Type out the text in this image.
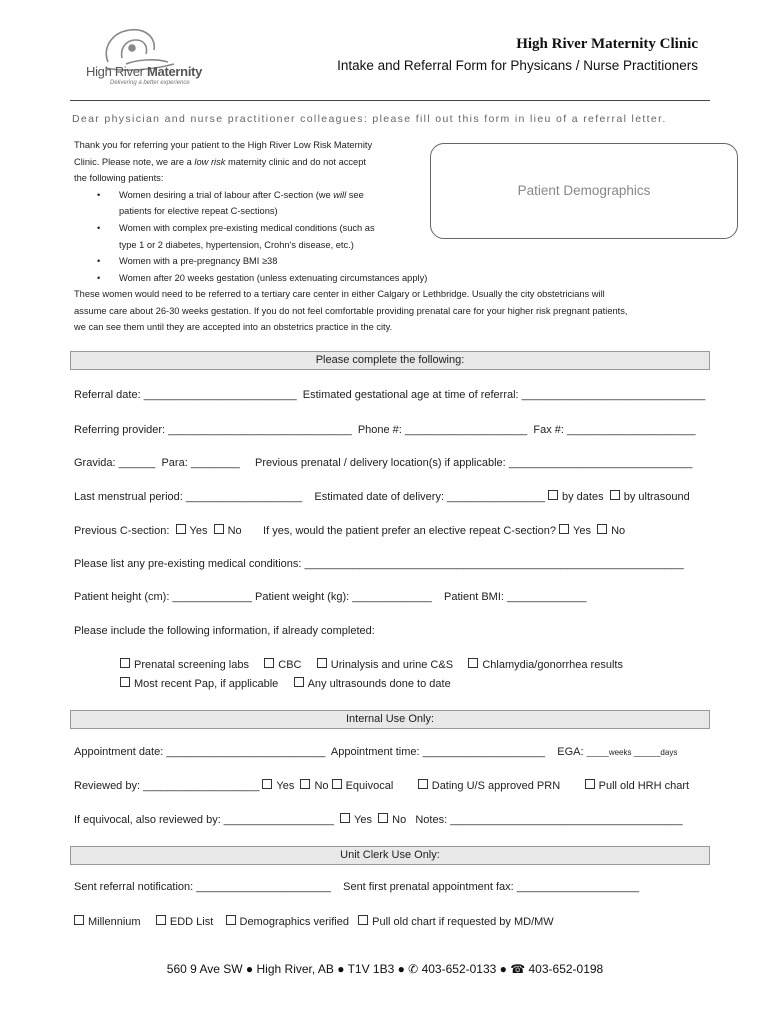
High River Maternity
Delivering a better experience
High River Maternity Clinic
Intake and Referral Form for Physicans / Nurse Practitioners
Dear physician and nurse practitioner colleagues: please fill out this form in lieu of a referral letter.

Thank you for referring your patient to the High River Low Risk Maternity

Clinic. Please note, we are a low risk maternity clinic and do not accept

the following patients:

• Women desiring a trial of labour after C-section (we will see
patients for elective repeat C-sections)
• Women with complex pre-existing medical conditions (such as
type 1 or 2 diabetes, hypertension, Crohn's disease, etc.)
• Women with a pre-pregnancy BMI ≥38
• Women after 20 weeks gestation (unless extenuating circumstances apply)
These women would need to be referred to a tertiary care center in either Calgary or Lethbridge. Usually the city obstetricians will
assume care about 26-30 weeks gestation. If you do not feel comfortable providing prenatal care for your higher risk pregnant patients,
we can see them until they are accepted into an obstetrics practice in the city.
Patient Demographics
Please complete the following:
Referral date: _________________________ Estimated gestational age at time of referral: ______________________________
Referring provider: ______________________________ Phone #: ____________________ Fax #: _____________________
Gravida: ______ Para: ________ Previous prenatal / delivery location(s) if applicable: ______________________________
Last menstrual period: ___________________ Estimated date of delivery: ________________ by dates by ultrasound
Previous C-section: Yes No If yes, would the patient prefer an elective repeat C-section? Yes No
Please list any pre-existing medical conditions: ______________________________________________________________
Patient height (cm): _____________ Patient weight (kg): _____________ Patient BMI: _____________
Please include the following information, if already completed:
Prenatal screening labs	CBC	Urinalysis and urine C&S	Chlamydia/gonorrhea results
Most recent Pap, if applicable	Any ultrasounds done to date
Internal Use Only:
Appointment date: __________________________ Appointment time: ____________________ EGA: _____weeks ______days
Reviewed by: ___________________ Yes No Equivocal	Dating U/S approved PRN	Pull old HRH chart
If equivocal, also reviewed by: __________________ Yes No Notes: ______________________________________
Unit Clerk Use Only:
Sent referral notification: ______________________ Sent first prenatal appointment fax: ____________________
Millennium	EDD List Demographics verified Pull old chart if requested by MD/MW
560 9 Ave SW ● High River, AB ● T1V 1B3 ● ✆ 403-652-0133 ● ☎ 403-652-0198
